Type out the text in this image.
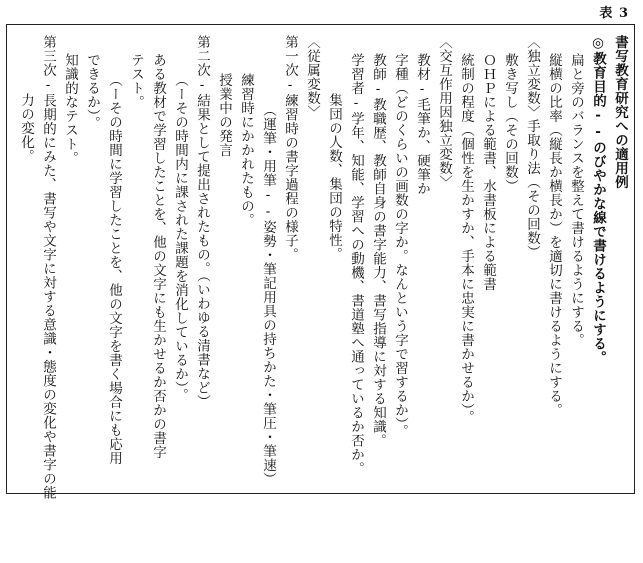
表 3
書写教育研究への適用例
◎教育目的--のびやかな線で書けるようにする。
扁と旁のバランスを整えて書けるようにする。
縦横の比率（縦長か横長か）を適切に書けるようにする。
〈独立変数〉手取り法（その回数）
敷き写し（その回数）
ＯＨＰによる範書、水書板による範書
統制の程度（個性を生かすか、手本に忠実に書かせるか）。
〈交互作用因独立変数〉
教材-毛筆か、硬筆か
字種（どのくらいの画数の字か。なんという字で習するか）。
教師-教職歴、教師自身の書字能力、書写指導に対する知識。
学習者-学年、知能、学習への動機、書道塾へ通っているか否か。
集団の人数、集団の特性。
〈従属変数〉
第一次-練習時の書字過程の様子。
（運筆・用筆--姿勢・筆記用具の持ちかた・筆圧・筆速）
練習時にかかれたもの。
授業中の発言
第二次-結果として提出されたもの。（いわゆる清書など）
（ーその時間内に課された課題を消化しているか）。
ある教材で学習したことを、他の文字にも生かせるか否かの書字
テスト。
（ーその時間に学習したことを、他の文字を書く場合にも応用
できるか）。
知識的なテスト。
第三次-長期的にみた、書写や文字に対する意識・態度の変化や書字の能
力の変化。
